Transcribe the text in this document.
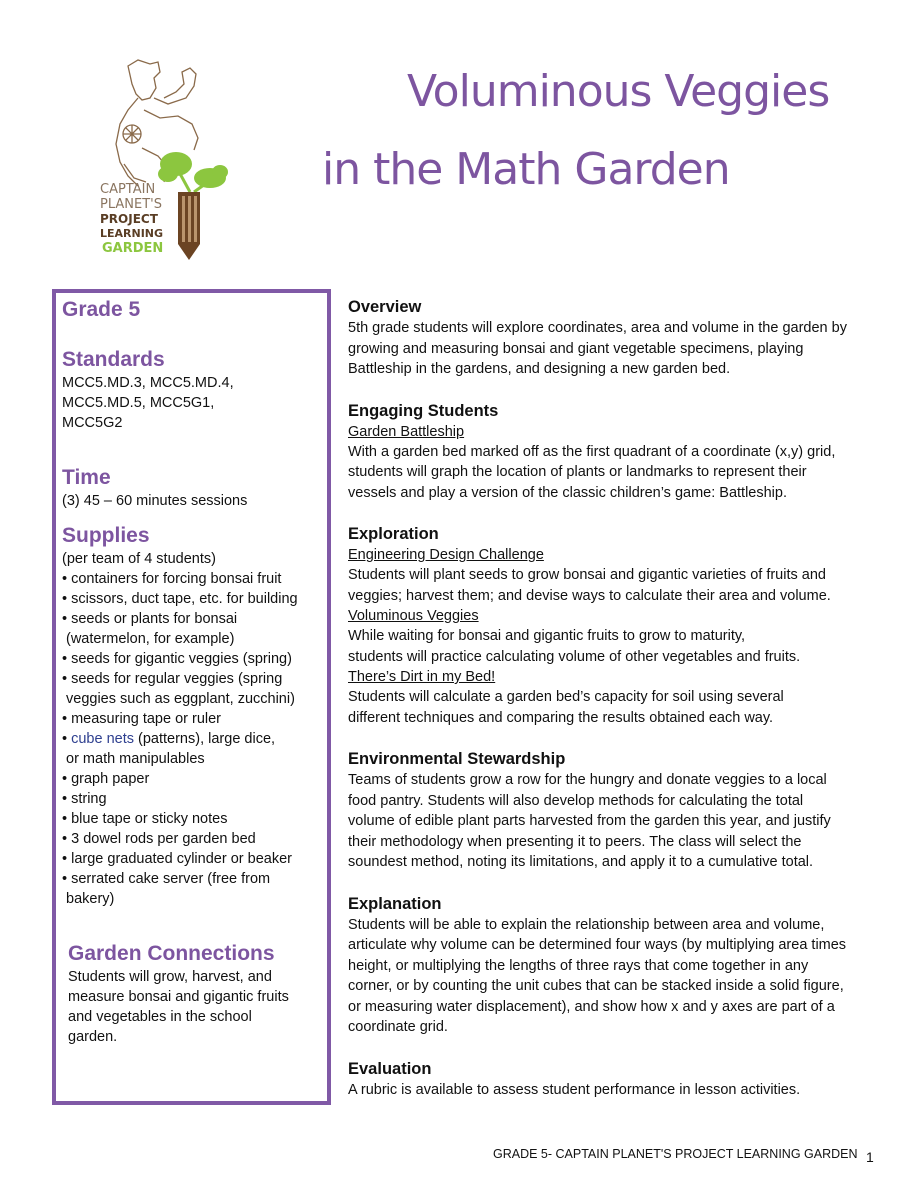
CAPTAIN
PLANET'S
PROJECT
LEARNING
GARDEN
Voluminous Veggies
in the Math Garden
Grade 5
Standards

MCC5.MD.3, MCC5.MD.4,

MCC5.MD.5, MCC5G1,

MCC5G2

Time

(3) 45 – 60 minutes sessions

Supplies

(per team of 4 students)

• containers for forcing bonsai fruit
• scissors, duct tape, etc. for building
• seeds or plants for bonsai
(watermelon, for example)
• seeds for gigantic veggies (spring)
• seeds for regular veggies (spring
veggies such as eggplant, zucchini)
• measuring tape or ruler
• cube nets (patterns), large dice,
or math manipulables
• graph paper
• string
• blue tape or sticky notes
• 3 dowel rods per garden bed
• large graduated cylinder or beaker
• serrated cake server (free from
bakery)
Garden Connections

Students will grow, harvest, and

measure bonsai and gigantic fruits

and vegetables in the school

garden.

Overview

5th grade students will explore coordinates, area and volume in the garden by

growing and measuring bonsai and giant vegetable specimens, playing

Battleship in the gardens, and designing a new garden bed.

Engaging Students

Garden Battleship

With a garden bed marked off as the first quadrant of a coordinate (x,y) grid,

students will graph the location of plants or landmarks to represent their

vessels and play a version of the classic children’s game: Battleship.

Exploration

Engineering Design Challenge

Students will plant seeds to grow bonsai and gigantic varieties of fruits and

veggies; harvest them; and devise ways to calculate their area and volume.

Voluminous Veggies

While waiting for bonsai and gigantic fruits to grow to maturity,

students will practice calculating volume of other vegetables and fruits.

There’s Dirt in my Bed!

Students will calculate a garden bed’s capacity for soil using several

different techniques and comparing the results obtained each way.

Environmental Stewardship

Teams of students grow a row for the hungry and donate veggies to a local

food pantry. Students will also develop methods for calculating the total

volume of edible plant parts harvested from the garden this year, and justify

their methodology when presenting it to peers. The class will select the

soundest method, noting its limitations, and apply it to a cumulative total.

Explanation

Students will be able to explain the relationship between area and volume,

articulate why volume can be determined four ways (by multiplying area times

height, or multiplying the lengths of three rays that come together in any

corner, or by counting the unit cubes that can be stacked inside a solid figure,

or measuring water displacement), and show how x and y axes are part of a

coordinate grid.

Evaluation

A rubric is available to assess student performance in lesson activities.

GRADE 5- CAPTAIN PLANET'S PROJECT LEARNING GARDEN 1
